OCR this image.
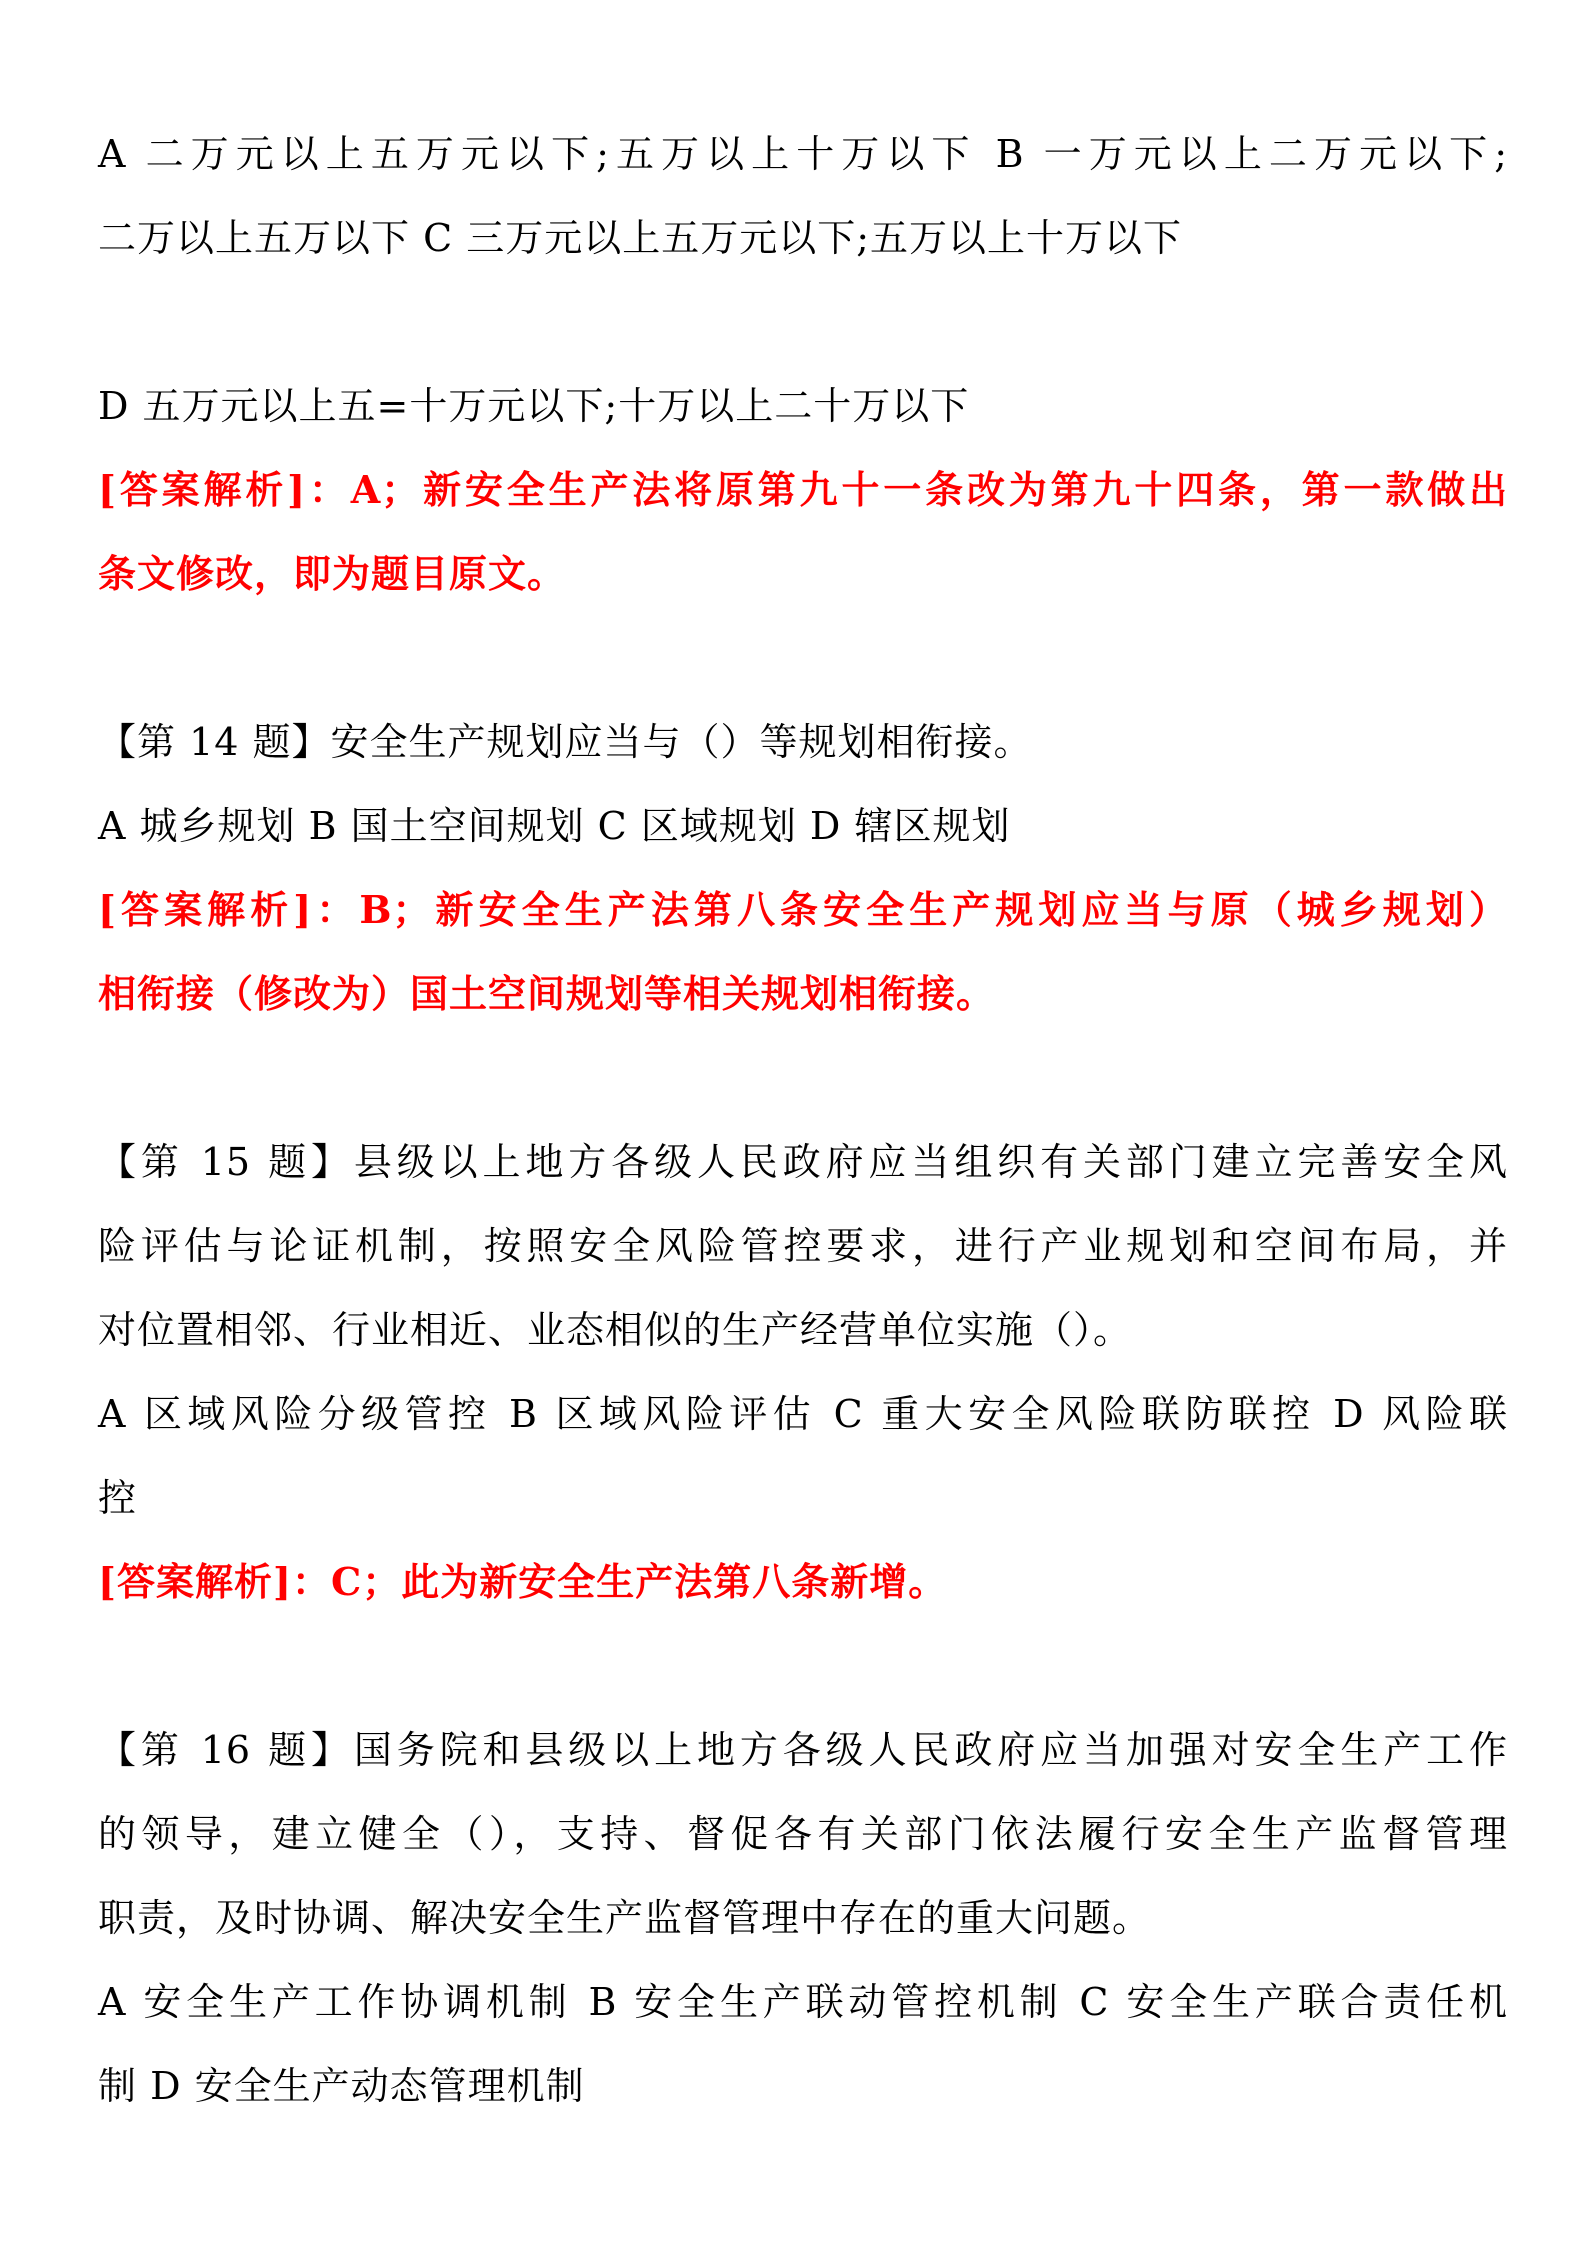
A 二万元以上五万元以下;五万以上十万以下 B 一万元以上二万元以下;
二万以上五万以下 C 三万元以上五万元以下;五万以上十万以下
D 五万元以上五=十万元以下;十万以上二十万以下
[答案解析]：A；新安全生产法将原第九十一条改为第九十四条，第一款做出
条文修改，即为题目原文。
【第 14 题】安全生产规划应当与（）等规划相衔接。
A 城乡规划 B 国土空间规划 C 区域规划 D 辖区规划
[答案解析]：B；新安全生产法第八条安全生产规划应当与原（城乡规划）
相衔接（修改为）国土空间规划等相关规划相衔接。
【第 15 题】县级以上地方各级人民政府应当组织有关部门建立完善安全风
险评估与论证机制，按照安全风险管控要求，进行产业规划和空间布局，并
对位置相邻、行业相近、业态相似的生产经营单位实施（）。
A 区域风险分级管控 B 区域风险评估 C 重大安全风险联防联控 D 风险联
控
[答案解析]：C；此为新安全生产法第八条新增。
【第 16 题】国务院和县级以上地方各级人民政府应当加强对安全生产工作
的领导，建立健全（），支持、督促各有关部门依法履行安全生产监督管理
职责，及时协调、解决安全生产监督管理中存在的重大问题。
A 安全生产工作协调机制 B 安全生产联动管控机制 C 安全生产联合责任机
制 D 安全生产动态管理机制
